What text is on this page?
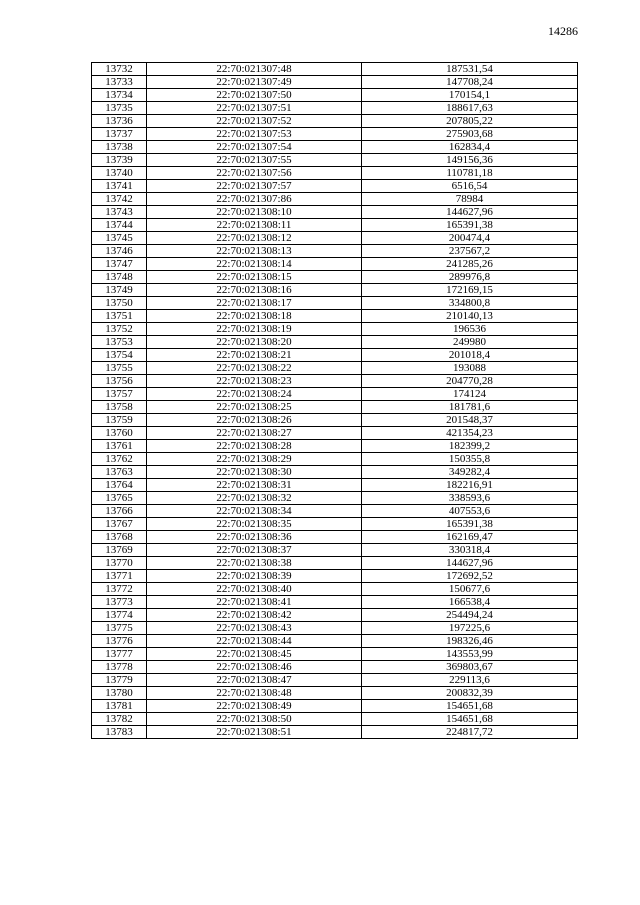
14286
13732	22:70:021307:48	187531,54
13733	22:70:021307:49	147708,24
13734	22:70:021307:50	170154,1
13735	22:70:021307:51	188617,63
13736	22:70:021307:52	207805,22
13737	22:70:021307:53	275903,68
13738	22:70:021307:54	162834,4
13739	22:70:021307:55	149156,36
13740	22:70:021307:56	110781,18
13741	22:70:021307:57	6516,54
13742	22:70:021307:86	78984
13743	22:70:021308:10	144627,96
13744	22:70:021308:11	165391,38
13745	22:70:021308:12	200474,4
13746	22:70:021308:13	237567,2
13747	22:70:021308:14	241285,26
13748	22:70:021308:15	289976,8
13749	22:70:021308:16	172169,15
13750	22:70:021308:17	334800,8
13751	22:70:021308:18	210140,13
13752	22:70:021308:19	196536
13753	22:70:021308:20	249980
13754	22:70:021308:21	201018,4
13755	22:70:021308:22	193088
13756	22:70:021308:23	204770,28
13757	22:70:021308:24	174124
13758	22:70:021308:25	181781,6
13759	22:70:021308:26	201548,37
13760	22:70:021308:27	421354,23
13761	22:70:021308:28	182399,2
13762	22:70:021308:29	150355,8
13763	22:70:021308:30	349282,4
13764	22:70:021308:31	182216,91
13765	22:70:021308:32	338593,6
13766	22:70:021308:34	407553,6
13767	22:70:021308:35	165391,38
13768	22:70:021308:36	162169,47
13769	22:70:021308:37	330318,4
13770	22:70:021308:38	144627,96
13771	22:70:021308:39	172692,52
13772	22:70:021308:40	150677,6
13773	22:70:021308:41	166538,4
13774	22:70:021308:42	254494,24
13775	22:70:021308:43	197225,6
13776	22:70:021308:44	198326,46
13777	22:70:021308:45	143553,99
13778	22:70:021308:46	369803,67
13779	22:70:021308:47	229113,6
13780	22:70:021308:48	200832,39
13781	22:70:021308:49	154651,68
13782	22:70:021308:50	154651,68
13783	22:70:021308:51	224817,72
